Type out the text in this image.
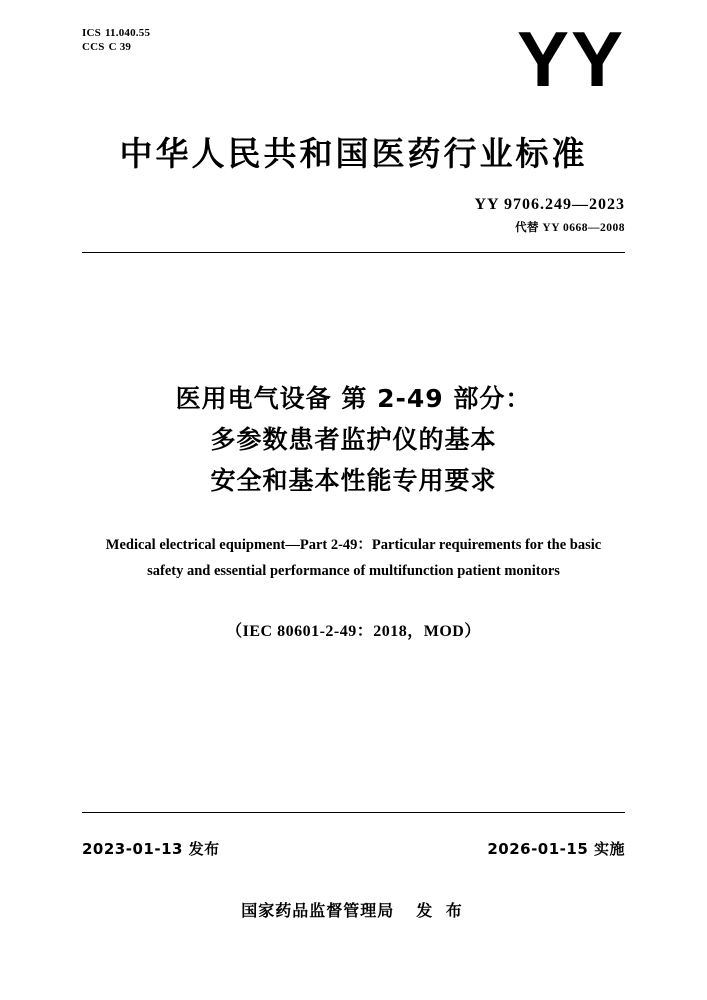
ICS 11.040.55
CCS C 39	YY
中华人民共和国医药行业标准
YY 9706.249—2023
代替 YY 0668—2008
医用电气设备 第 2-49 部分：
多参数患者监护仪的基本
安全和基本性能专用要求
Medical electrical equipment—Part 2-49：Particular requirements for the basic
safety and essential performance of multifunction patient monitors
（IEC 80601-2-49：2018，MOD）
2023-01-13 发布	2026-01-15 实施
国家药品监督管理局 发 布
